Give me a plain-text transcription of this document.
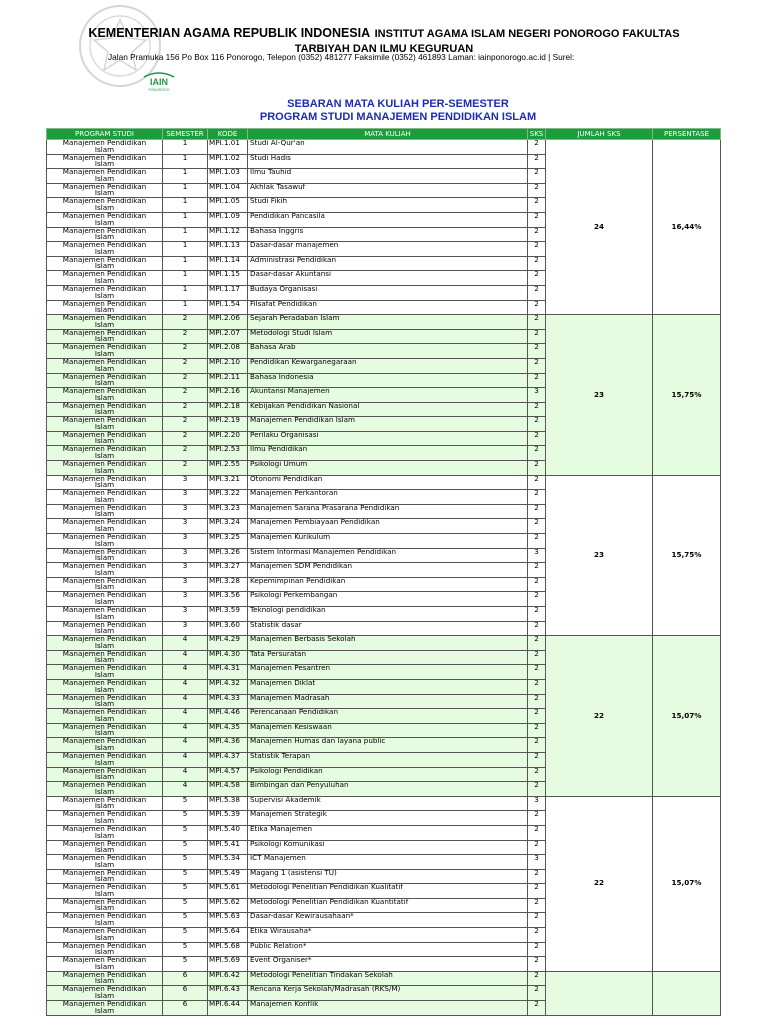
KEMENTERIAN AGAMA REPUBLIK INDONESIA INSTITUT AGAMA ISLAM NEGERI PONOROGO FAKULTAS
TARBIYAH DAN ILMU KEGURUAN
Jalan Pramuka 156 Po Box 116 Ponorogo, Telepon (0352) 481277 Faksimile (0352) 461893 Laman: iainponorogo.ac.id | Surel:
IAIN
PONOROGO
SEBARAN MATA KULIAH PER-SEMESTER
PROGRAM STUDI MANAJEMEN PENDIDIKAN ISLAM
PROGRAM STUDI	SEMESTER	KODE	MATA KULIAH	SKS	JUMLAH SKS	PERSENTASE

Manajemen Pendidikan
Islam	1	MPI.1.01	Studi Al-Qur'an	2	24	16,44%

Manajemen Pendidikan
Islam	1	MPI.1.02	Studi Hadis	2		

Manajemen Pendidikan
Islam	1	MPI.1.03	Ilmu Tauhid	2		

Manajemen Pendidikan
Islam	1	MPI.1.04	Akhlak Tasawuf	2		

Manajemen Pendidikan
Islam	1	MPI.1.05	Studi Fikih	2		

Manajemen Pendidikan
Islam	1	MPI.1.09	Pendidikan Pancasila	2		

Manajemen Pendidikan
Islam	1	MPI.1.12	Bahasa Inggris	2		

Manajemen Pendidikan
Islam	1	MPI.1.13	Dasar-dasar manajemen	2		

Manajemen Pendidikan
Islam	1	MPI.1.14	Administrasi Pendidikan	2		

Manajemen Pendidikan
Islam	1	MPI.1.15	Dasar-dasar Akuntansi	2		

Manajemen Pendidikan
Islam	1	MPI.1.17	Budaya Organisasi	2		

Manajemen Pendidikan
Islam	1	MPI.1.54	Filsafat Pendidikan	2		

Manajemen Pendidikan
Islam	2	MPI.2.06	Sejarah Peradaban Islam	2	23	15,75%

Manajemen Pendidikan
Islam	2	MPI.2.07	Metodologi Studi Islam	2		

Manajemen Pendidikan
Islam	2	MPI.2.08	Bahasa Arab	2		

Manajemen Pendidikan
Islam	2	MPI.2.10	Pendidikan Kewarganegaraan	2		

Manajemen Pendidikan
Islam	2	MPI.2.11	Bahasa Indonesia	2		

Manajemen Pendidikan
Islam	2	MPI.2.16	Akuntansi Manajemen	3		

Manajemen Pendidikan
Islam	2	MPI.2.18	Kebijakan Pendidikan Nasional	2		

Manajemen Pendidikan
Islam	2	MPI.2.19	Manajemen Pendidikan Islam	2		

Manajemen Pendidikan
Islam	2	MPI.2.20	Perilaku Organisasi	2		

Manajemen Pendidikan
Islam	2	MPI.2.53	Ilmu Pendidikan	2		

Manajemen Pendidikan
Islam	2	MPI.2.55	Psikologi Umum	2		

Manajemen Pendidikan
Islam	3	MPI.3.21	Otonomi Pendidikan	2	23	15,75%

Manajemen Pendidikan
Islam	3	MPI.3.22	Manajemen Perkantoran	2		

Manajemen Pendidikan
Islam	3	MPI.3.23	Manajemen Sarana Prasarana Pendidikan	2		

Manajemen Pendidikan
Islam	3	MPI.3.24	Manajemen Pembiayaan Pendidikan	2		

Manajemen Pendidikan
Islam	3	MPI.3.25	Manajemen Kurikulum	2		

Manajemen Pendidikan
Islam	3	MPI.3.26	Sistem Informasi Manajemen Pendidikan	3		

Manajemen Pendidikan
Islam	3	MPI.3.27	Manajemen SDM Pendidikan	2		

Manajemen Pendidikan
Islam	3	MPI.3.28	Kepemimpinan Pendidikan	2		

Manajemen Pendidikan
Islam	3	MPI.3.56	Psikologi Perkembangan	2		

Manajemen Pendidikan
Islam	3	MPI.3.59	Teknologi pendidikan	2		

Manajemen Pendidikan
Islam	3	MPI.3.60	Statistik dasar	2		

Manajemen Pendidikan
Islam	4	MPI.4.29	Manajemen Berbasis Sekolah	2	22	15,07%

Manajemen Pendidikan
Islam	4	MPI.4.30	Tata Persuratan	2		

Manajemen Pendidikan
Islam	4	MPI.4.31	Manajemen Pesantren	2		

Manajemen Pendidikan
Islam	4	MPI.4.32	Manajemen Diklat	2		

Manajemen Pendidikan
Islam	4	MPI.4.33	Manajemen Madrasah	2		

Manajemen Pendidikan
Islam	4	MPI.4.46	Perencanaan Pendidikan	2		

Manajemen Pendidikan
Islam	4	MPI.4.35	Manajemen Kesiswaan	2		

Manajemen Pendidikan
Islam	4	MPI.4.36	Manajemen Humas dan layana public	2		

Manajemen Pendidikan
Islam	4	MPI.4.37	Statistik Terapan	2		

Manajemen Pendidikan
Islam	4	MPI.4.57	Psikologi Pendidikan	2		

Manajemen Pendidikan
Islam	4	MPI.4.58	Bimbingan dan Penyuluhan	2		

Manajemen Pendidikan
Islam	5	MPI.5.38	Supervisi Akademik	3	22	15,07%

Manajemen Pendidikan
Islam	5	MPI.5.39	Manajemen Strategik	2		

Manajemen Pendidikan
Islam	5	MPI.5.40	Etika Manajemen	2		

Manajemen Pendidikan
Islam	5	MPI.5.41	Psikologi Komunikasi	2		

Manajemen Pendidikan
Islam	5	MPI.5.34	ICT Manajemen	3		

Manajemen Pendidikan
Islam	5	MPI.5.49	Magang 1 (asistensi TU)	2		

Manajemen Pendidikan
Islam	5	MPI.5.61	Metodologi Penelitian Pendidikan Kualitatif	2		

Manajemen Pendidikan
Islam	5	MPI.5.62	Metodologi Penelitian Pendidikan Kuantitatif	2		

Manajemen Pendidikan
Islam	5	MPI.5.63	Dasar-dasar Kewirausahaan*	2		

Manajemen Pendidikan
Islam	5	MPI.5.64	Etika Wirausaha*	2		

Manajemen Pendidikan
Islam	5	MPI.5.68	Public Relation*	2		

Manajemen Pendidikan
Islam	5	MPI.5.69	Event Organiser*	2		

Manajemen Pendidikan
Islam	6	MPI.6.42	Metodologi Penelitian Tindakan Sekolah	2		

Manajemen Pendidikan
Islam	6	MPI.6.43	Rencana Kerja Sekolah/Madrasah (RKS/M)	2		

Manajemen Pendidikan
Islam	6	MPI.6.44	Manajemen Konflik	2		
